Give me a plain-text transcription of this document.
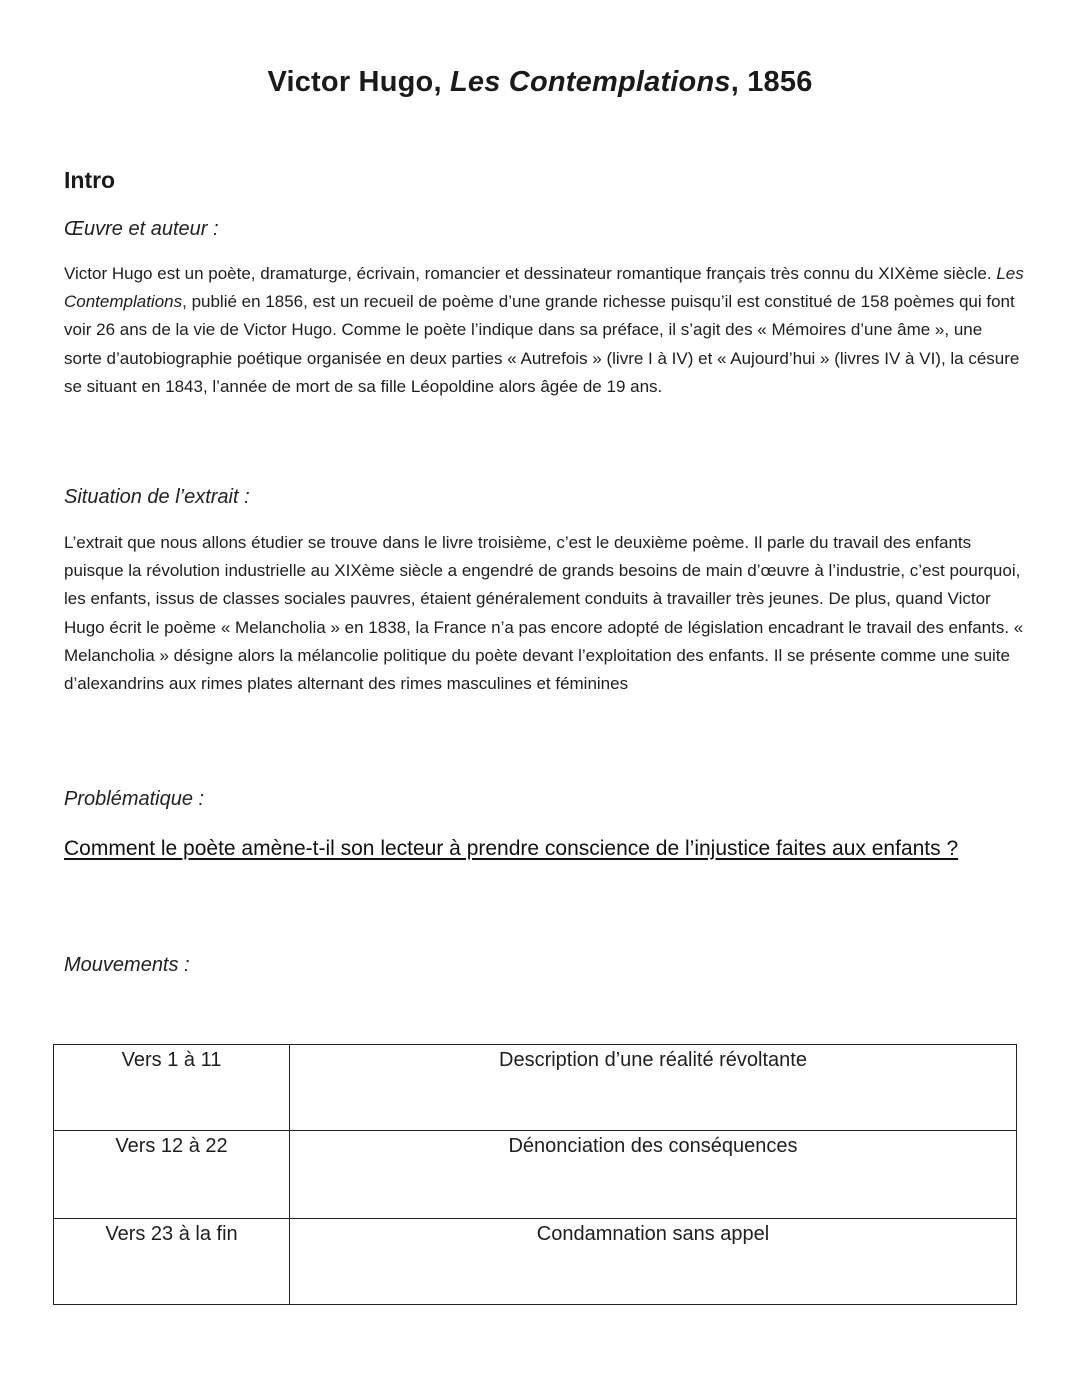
Victor Hugo, Les Contemplations, 1856
Intro
Œuvre et auteur :
Victor Hugo est un poète, dramaturge, écrivain, romancier et dessinateur romantique français très connu du XIXème siècle. Les Contemplations, publié en 1856, est un recueil de poème d’une grande richesse puisqu’il est constitué de 158 poèmes qui font voir 26 ans de la vie de Victor Hugo. Comme le poète l’indique dans sa préface, il s’agit des « Mémoires d’une âme », une sorte d’autobiographie poétique organisée en deux parties « Autrefois » (livre I à IV) et « Aujourd’hui » (livres IV à VI), la césure se situant en 1843, l’année de mort de sa fille Léopoldine alors âgée de 19 ans.
Situation de l’extrait :
L’extrait que nous allons étudier se trouve dans le livre troisième, c’est le deuxième poème. Il parle du travail des enfants puisque la révolution industrielle au XIXème siècle a engendré de grands besoins de main d’œuvre à l’industrie, c’est pourquoi, les enfants, issus de classes sociales pauvres, étaient généralement conduits à travailler très jeunes. De plus, quand Victor Hugo écrit le poème « Melancholia » en 1838, la France n’a pas encore adopté de législation encadrant le travail des enfants. « Melancholia » désigne alors la mélancolie politique du poète devant l’exploitation des enfants. Il se présente comme une suite d’alexandrins aux rimes plates alternant des rimes masculines et féminines
Problématique :
Comment le poète amène-t-il son lecteur à prendre conscience de l’injustice faites aux enfants ?
Mouvements :
Vers 1 à 11	Description d’une réalité révoltante
Vers 12 à 22	Dénonciation des conséquences
Vers 23 à la fin	Condamnation sans appel
